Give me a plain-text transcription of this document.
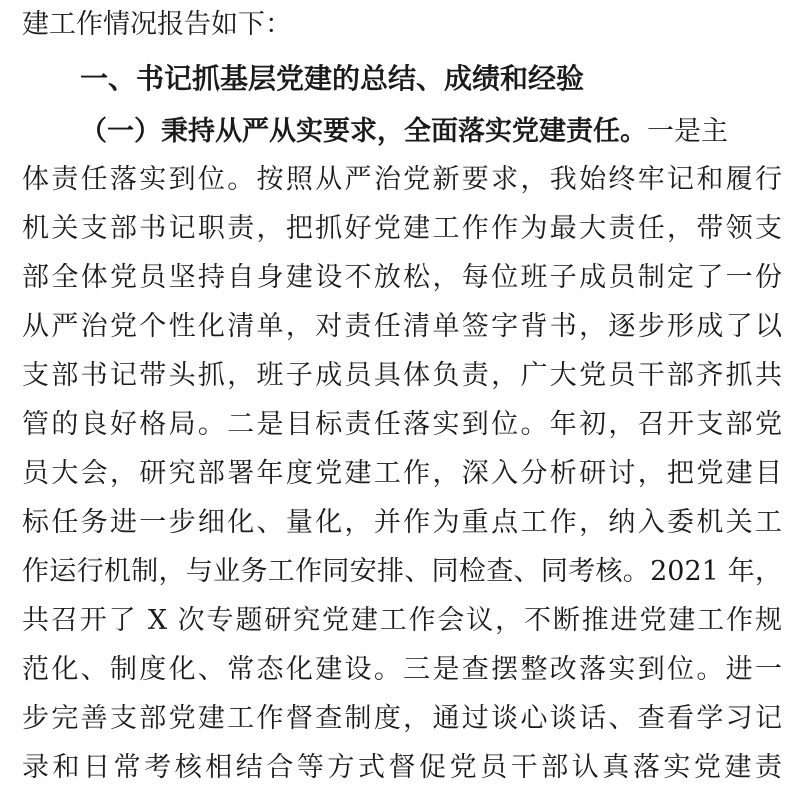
建工作情况报告如下：
一、书记抓基层党建的总结、成绩和经验
（一）秉持从严从实要求，全面落实党建责任。一是主
体责任落实到位。按照从严治党新要求，我始终牢记和履行
机关支部书记职责，把抓好党建工作作为最大责任，带领支
部全体党员坚持自身建设不放松，每位班子成员制定了一份
从严治党个性化清单，对责任清单签字背书，逐步形成了以
支部书记带头抓，班子成员具体负责，广大党员干部齐抓共
管的良好格局。二是目标责任落实到位。年初，召开支部党
员大会，研究部署年度党建工作，深入分析研讨，把党建目
标任务进一步细化、量化，并作为重点工作，纳入委机关工
作运行机制，与业务工作同安排、同检查、同考核。2021 年，
共召开了 X 次专题研究党建工作会议，不断推进党建工作规
范化、制度化、常态化建设。三是查摆整改落实到位。进一
步完善支部党建工作督查制度，通过谈心谈话、查看学习记
录和日常考核相结合等方式督促党员干部认真落实党建责
